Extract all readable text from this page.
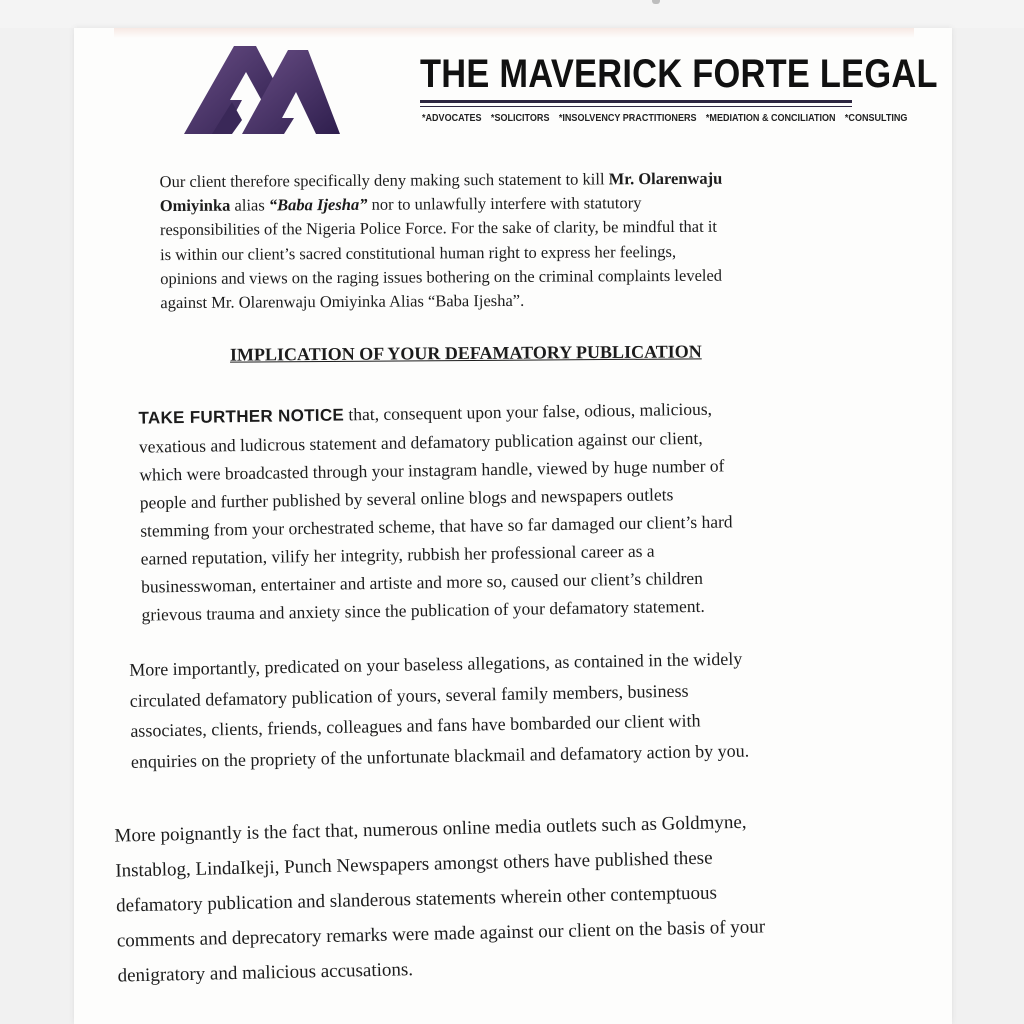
THE MAVERICK FORTE LEGAL
*ADVOCATES *SOLICITORS *INSOLVENCY PRACTITIONERS *MEDIATION & CONCILIATION *CONSULTING

Our client therefore specifically deny making such statement to kill Mr. Olarenwaju
Omiyinka alias “Baba Ijesha” nor to unlawfully interfere with statutory
responsibilities of the Nigeria Police Force. For the sake of clarity, be mindful that it
is within our client’s sacred constitutional human right to express her feelings,
opinions and views on the raging issues bothering on the criminal complaints leveled
against Mr. Olarenwaju Omiyinka Alias “Baba Ijesha”.

IMPLICATION OF YOUR DEFAMATORY PUBLICATION

TAKE FURTHER NOTICE that, consequent upon your false, odious, malicious,
vexatious and ludicrous statement and defamatory publication against our client,
which were broadcasted through your instagram handle, viewed by huge number of
people and further published by several online blogs and newspapers outlets
stemming from your orchestrated scheme, that have so far damaged our client’s hard
earned reputation, vilify her integrity, rubbish her professional career as a
businesswoman, entertainer and artiste and more so, caused our client’s children
grievous trauma and anxiety since the publication of your defamatory statement.

More importantly, predicated on your baseless allegations, as contained in the widely
circulated defamatory publication of yours, several family members, business
associates, clients, friends, colleagues and fans have bombarded our client with
enquiries on the propriety of the unfortunate blackmail and defamatory action by you.

More poignantly is the fact that, numerous online media outlets such as Goldmyne,
Instablog, LindaIkeji, Punch Newspapers amongst others have published these
defamatory publication and slanderous statements wherein other contemptuous
comments and deprecatory remarks were made against our client on the basis of your
denigratory and malicious accusations.
